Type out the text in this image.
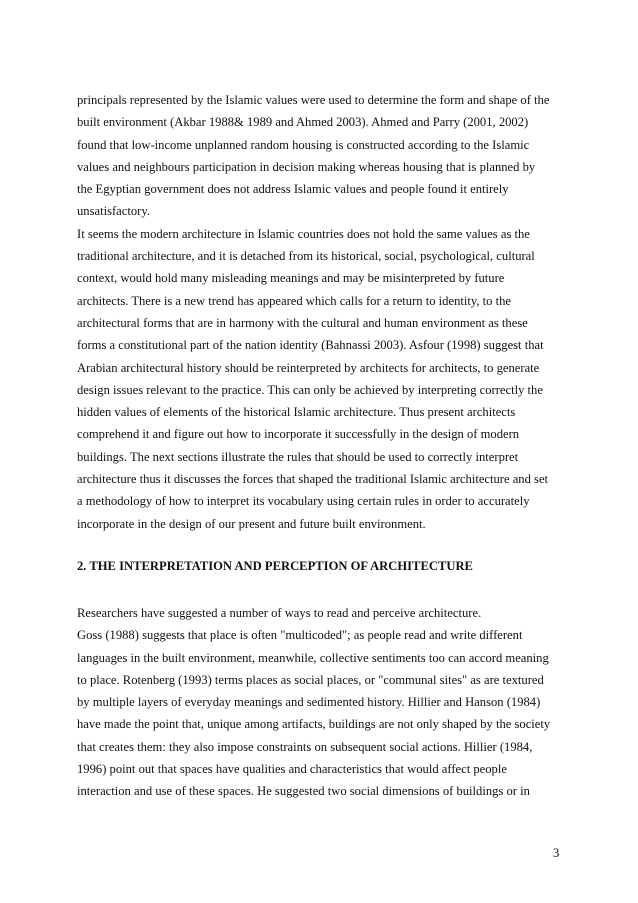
principals represented by the Islamic values were used to determine the form and shape of the
built environment (Akbar 1988& 1989 and Ahmed 2003). Ahmed and Parry (2001, 2002)
found that low-income unplanned random housing is constructed according to the Islamic
values and neighbours participation in decision making whereas housing that is planned by
the Egyptian government does not address Islamic values and people found it entirely
unsatisfactory.
It seems the modern architecture in Islamic countries does not hold the same values as the
traditional architecture, and it is detached from its historical, social, psychological, cultural
context, would hold many misleading meanings and may be misinterpreted by future
architects. There is a new trend has appeared which calls for a return to identity, to the
architectural forms that are in harmony with the cultural and human environment as these
forms a constitutional part of the nation identity (Bahnassi 2003). Asfour (1998) suggest that
Arabian architectural history should be reinterpreted by architects for architects, to generate
design issues relevant to the practice. This can only be achieved by interpreting correctly the
hidden values of elements of the historical Islamic architecture. Thus present architects
comprehend it and figure out how to incorporate it successfully in the design of modern
buildings. The next sections illustrate the rules that should be used to correctly interpret
architecture thus it discusses the forces that shaped the traditional Islamic architecture and set
a methodology of how to interpret its vocabulary using certain rules in order to accurately
incorporate in the design of our present and future built environment.
2. THE INTERPRETATION AND PERCEPTION OF ARCHITECTURE
Researchers have suggested a number of ways to read and perceive architecture.
Goss (1988) suggests that place is often "multicoded"; as people read and write different
languages in the built environment, meanwhile, collective sentiments too can accord meaning
to place. Rotenberg (1993) terms places as social places, or "communal sites" as are textured
by multiple layers of everyday meanings and sedimented history. Hillier and Hanson (1984)
have made the point that, unique among artifacts, buildings are not only shaped by the society
that creates them: they also impose constraints on subsequent social actions. Hillier (1984,
1996) point out that spaces have qualities and characteristics that would affect people
interaction and use of these spaces. He suggested two social dimensions of buildings or in
3
